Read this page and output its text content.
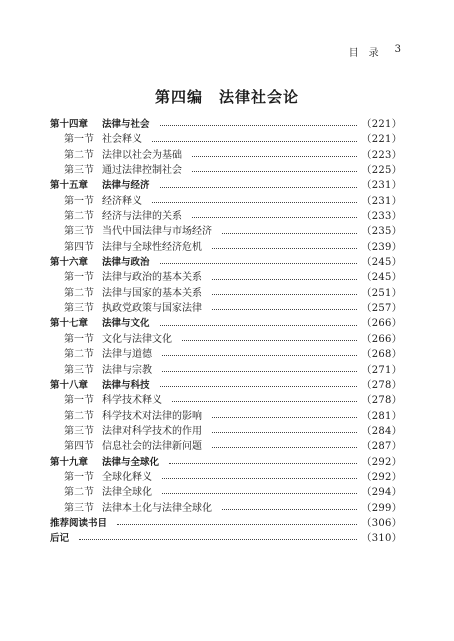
目录 3
第四编　法律社会论
第十四章	法律与社会	（221）
第一节 社会释义	（221）
第二节 法律以社会为基础	（223）
第三节 通过法律控制社会	（225）
第十五章	法律与经济	（231）
第一节 经济释义	（231）
第二节 经济与法律的关系	（233）
第三节 当代中国法律与市场经济	（235）
第四节 法律与全球性经济危机	（239）
第十六章	法律与政治	（245）
第一节 法律与政治的基本关系	（245）
第二节 法律与国家的基本关系	（251）
第三节 执政党政策与国家法律	（257）
第十七章	法律与文化	（266）
第一节 文化与法律文化	（266）
第二节 法律与道德	（268）
第三节 法律与宗教	（271）
第十八章	法律与科技	（278）
第一节 科学技术释义	（278）
第二节 科学技术对法律的影响	（281）
第三节 法律对科学技术的作用	（284）
第四节 信息社会的法律新问题	（287）
第十九章	法律与全球化	（292）
第一节 全球化释义	（292）
第二节 法律全球化	（294）
第三节 法律本土化与法律全球化	（299）
推荐阅读书目	（306）
后记	（310）
